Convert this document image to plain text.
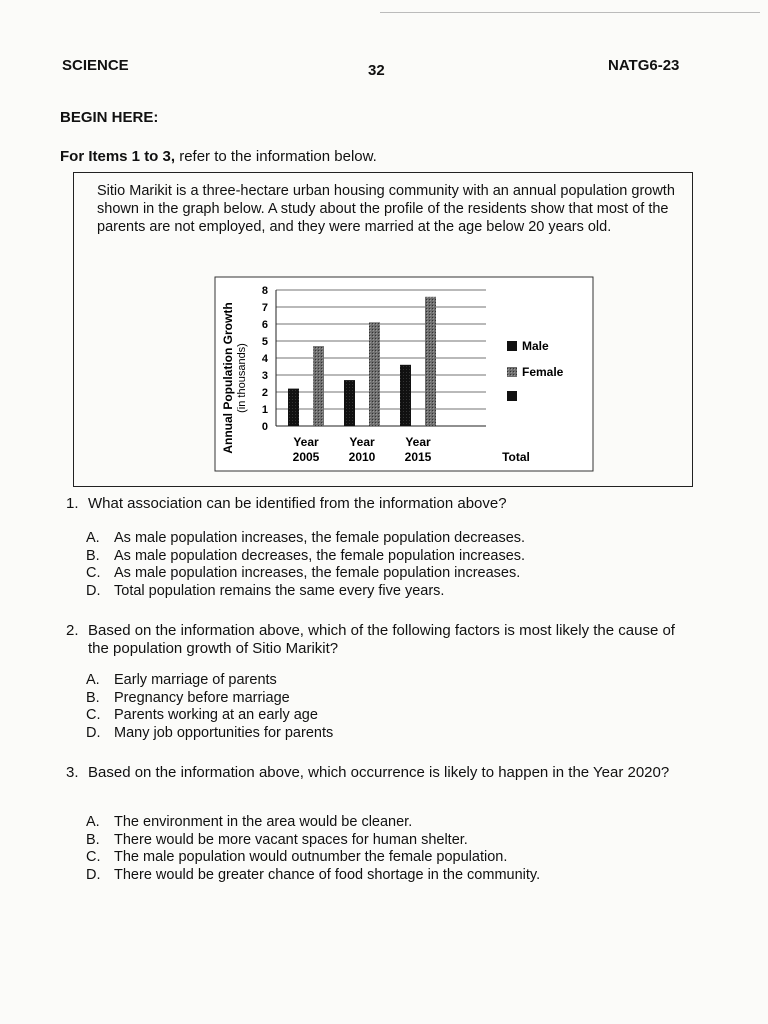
SCIENCE	32	NATG6-23
BEGIN HERE:
For Items 1 to 3, refer to the information below.
Sitio Marikit is a three-hectare urban housing community with an annual population growth shown in the graph below. A study about the profile of the residents show that most of the parents are not employed, and they were married at the age below 20 years old.
Annual Population Growth (in thousands)
0
1
2
3
4
5
6
7
8
Year
2005
Year
2010
Year
2015	Total
Male
Female
1. What association can be identified from the information above?
A. As male population increases, the female population decreases.
B. As male population decreases, the female population increases.
C. As male population increases, the female population increases.
D. Total population remains the same every five years.
2. Based on the information above, which of the following factors is most likely the cause of the population growth of Sitio Marikit?
A. Early marriage of parents
B. Pregnancy before marriage
C. Parents working at an early age
D. Many job opportunities for parents
3. Based on the information above, which occurrence is likely to happen in the Year 2020?
A. The environment in the area would be cleaner.
B. There would be more vacant spaces for human shelter.
C. The male population would outnumber the female population.
D. There would be greater chance of food shortage in the community.
